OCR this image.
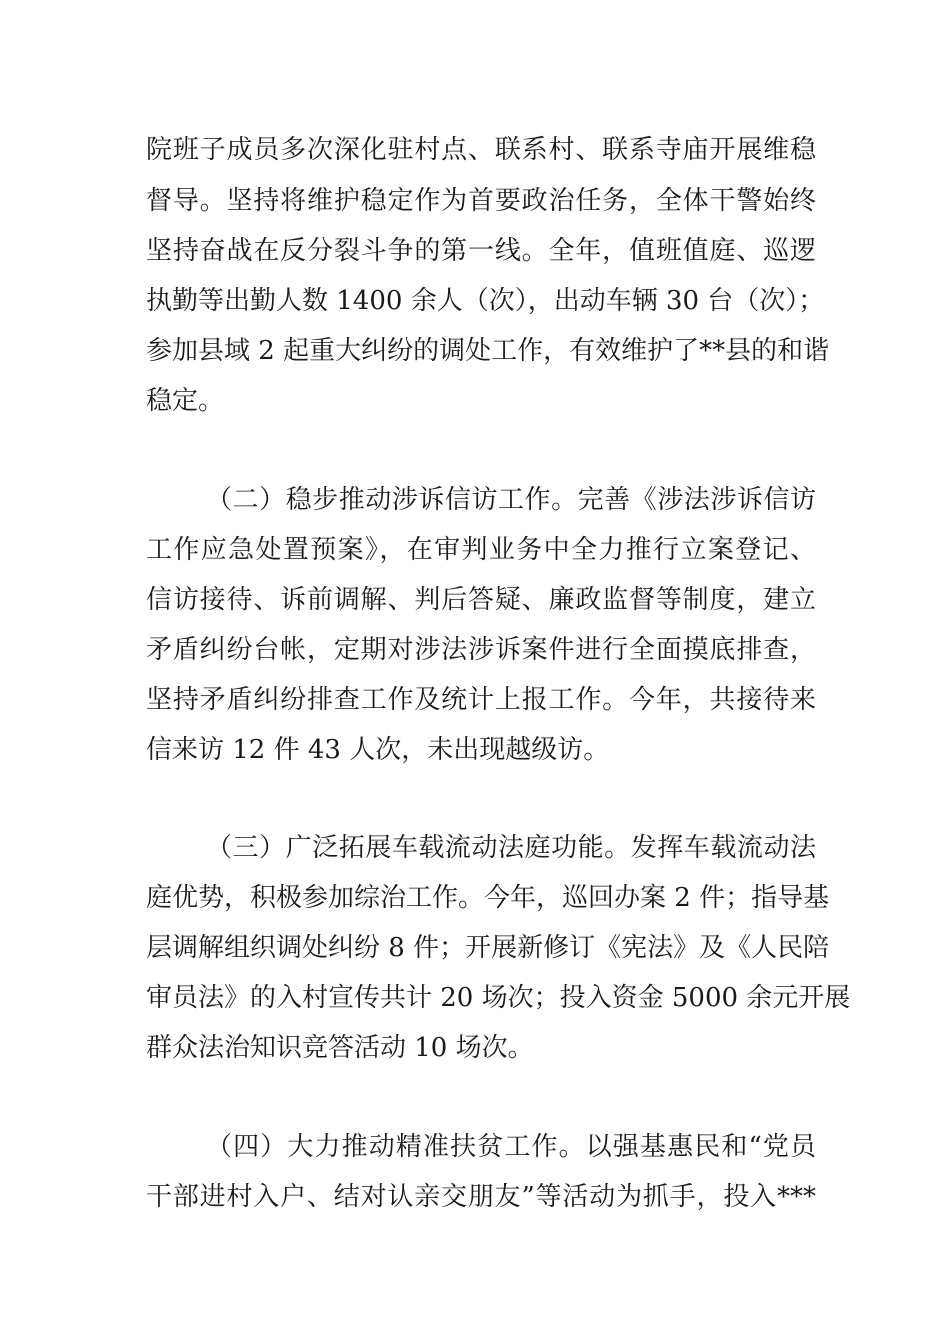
院班子成员多次深化驻村点、联系村、联系寺庙开展维稳
督导。坚持将维护稳定作为首要政治任务，全体干警始终
坚持奋战在反分裂斗争的第一线。全年，值班值庭、巡逻
执勤等出勤人数 1400 余人（次），出动车辆 30 台（次）；
参加县域 2 起重大纠纷的调处工作，有效维护了**县的和谐
稳定。
（二）稳步推动涉诉信访工作。完善《涉法涉诉信访
工作应急处置预案》，在审判业务中全力推行立案登记、
信访接待、诉前调解、判后答疑、廉政监督等制度，建立
矛盾纠纷台帐，定期对涉法涉诉案件进行全面摸底排查，
坚持矛盾纠纷排查工作及统计上报工作。今年，共接待来
信来访 12 件 43 人次，未出现越级访。
（三）广泛拓展车载流动法庭功能。发挥车载流动法
庭优势，积极参加综治工作。今年，巡回办案 2 件；指导基
层调解组织调处纠纷 8 件；开展新修订《宪法》及《人民陪
审员法》的入村宣传共计 20 场次；投入资金 5000 余元开展
群众法治知识竞答活动 10 场次。
（四）大力推动精准扶贫工作。以强基惠民和“党员
干部进村入户、结对认亲交朋友”等活动为抓手，投入***
